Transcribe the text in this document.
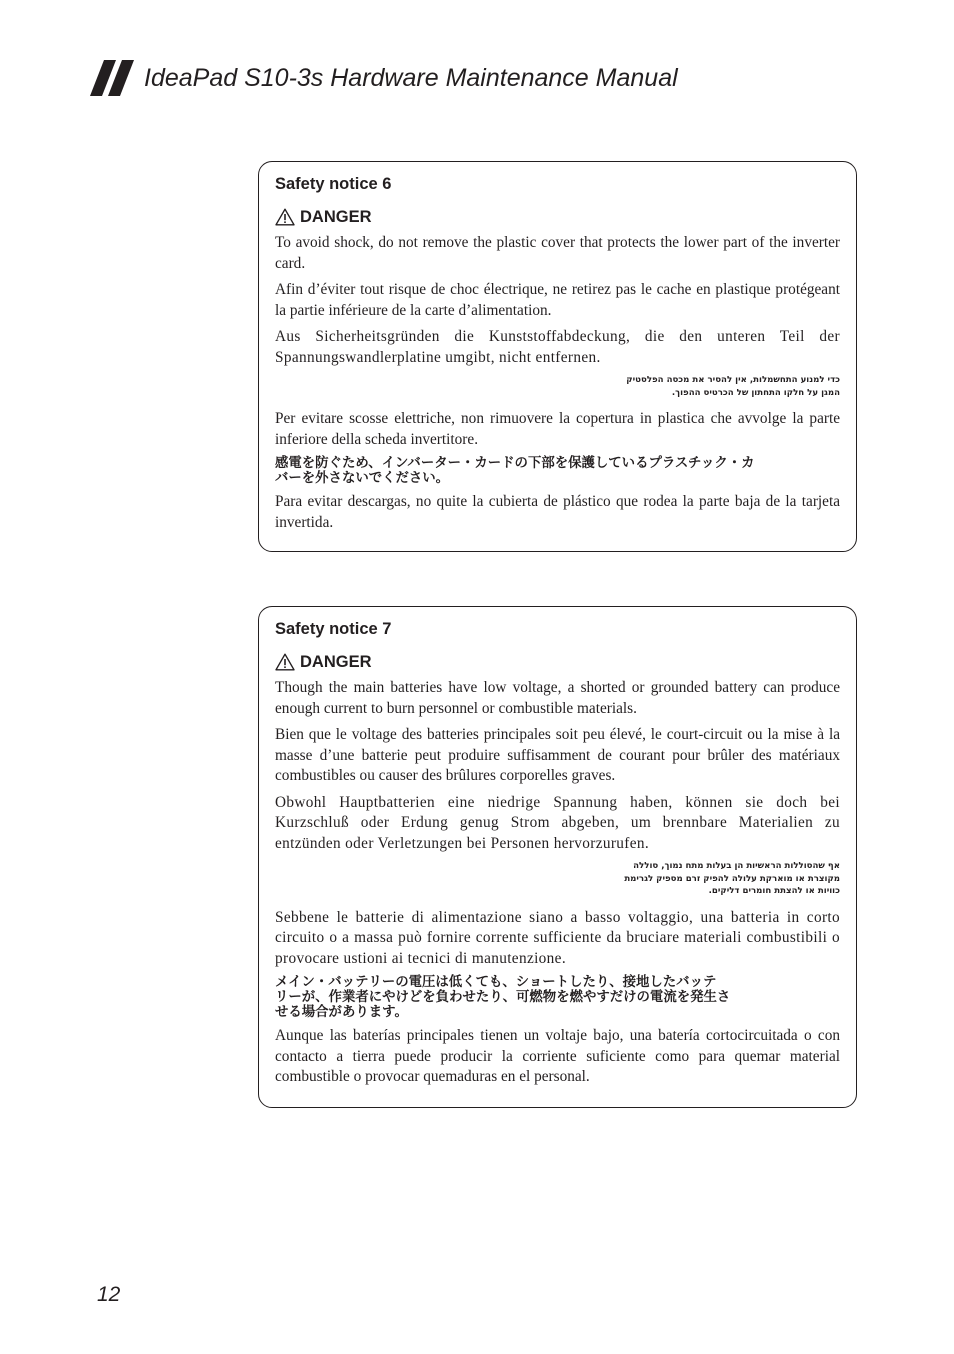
IdeaPad S10-3s Hardware Maintenance Manual
Safety notice 6
DANGER

To avoid shock, do not remove the plastic cover that protects the lower part of the inverter card.

Afin d’éviter tout risque de choc électrique, ne retirez pas le cache en plastique protégeant la partie inférieure de la carte d’alimentation.

Aus Sicherheitsgründen die Kunststoffabdeckung, die den unteren Teil der Spannungswandlerplatine umgibt, nicht entfernen.

כדי למנוע התחשמלות, אין להסיר את מכסה הפלסטיק
המגן על חלקו התחתון של הכרטיס ההפוך.

Per evitare scosse elettriche, non rimuovere la copertura in plastica che avvolge la parte inferiore della scheda invertitore.

感電を防ぐため、インバーター・カードの下部を保護しているプラスチック・カ
バーを外さないでください。

Para evitar descargas, no quite la cubierta de plástico que rodea la parte baja de la tarjeta invertida.

Safety notice 7
DANGER

Though the main batteries have low voltage, a shorted or grounded battery can produce enough current to burn personnel or combustible materials.

Bien que le voltage des batteries principales soit peu élevé, le court-circuit ou la mise à la masse d’une batterie peut produire suffisamment de courant pour brûler des matériaux combustibles ou causer des brûlures corporelles graves.

Obwohl Hauptbatterien eine niedrige Spannung haben, können sie doch bei Kurzschluß oder Erdung genug Strom abgeben, um brennbare Materialien zu entzünden oder Verletzungen bei Personen hervorzurufen.

אף שהסוללות הראשיות הן בעלות מתח נמוך, סוללה
מקוצרת או מוארקת עלולה להפיק זרם מספיק לגרימת
כוויות או להצתת חומרים דליקים.

Sebbene le batterie di alimentazione siano a basso voltaggio, una batteria in corto circuito o a massa può fornire corrente sufficiente da bruciare materiali combustibili o provocare ustioni ai tecnici di manutenzione.

メイン・バッテリーの電圧は低くても、ショートしたり、接地したバッテ
リーが、作業者にやけどを負わせたり、可燃物を燃やすだけの電流を発生さ
せる場合があります。

Aunque las baterías principales tienen un voltaje bajo, una batería cortocircuitada o con contacto a tierra puede producir la corriente suficiente como para quemar material combustible o provocar quemaduras en el personal.

12
